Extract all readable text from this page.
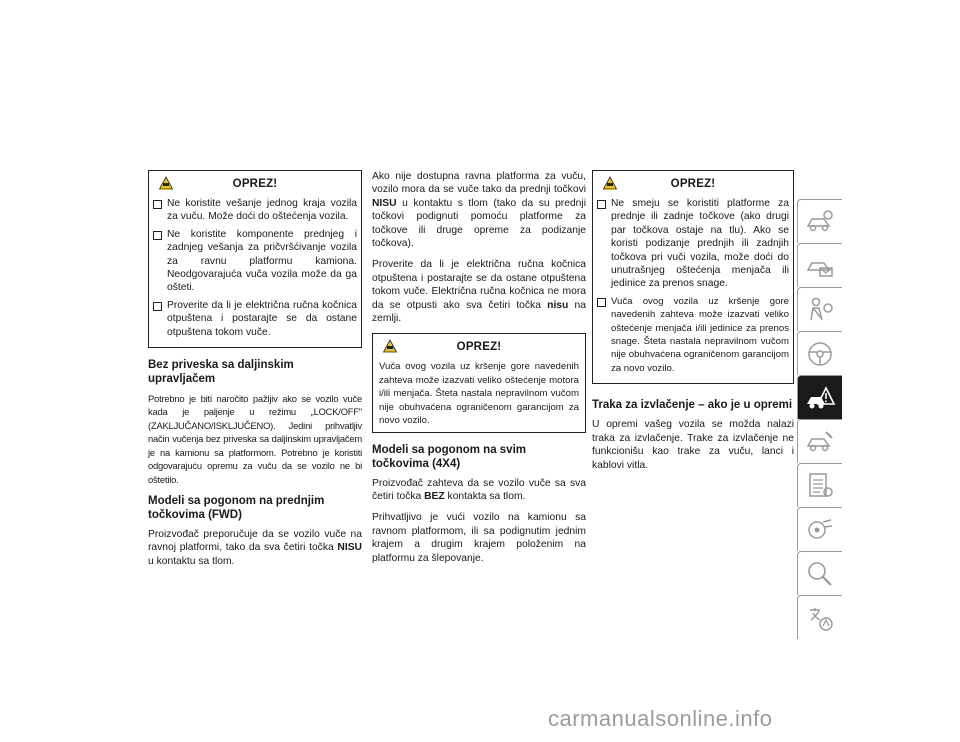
OPREZ!
Ne koristite vešanje jednog kraja vozila za vuču. Može doći do oštećenja vozila.
Ne koristite komponente prednjeg i zadnjeg vešanja za pričvršćivanje vozila za ravnu platformu kamiona. Neodgovarajuća vuča vozila može da ga ošteti.
Proverite da li je električna ručna kočnica otpuštena i postarajte se da ostane otpuštena tokom vuče.
Bez priveska sa daljinskim upravljačem

Potrebno je biti naročito pažljiv ako se vozilo vuče kada je paljenje u režimu „LOCK/OFF" (ZAKLJUČANO/ISKLJUČENO). Jedini prihvatljiv način vučenja bez priveska sa daljinskim upravljačem je na kamionu sa platformom. Potrebno je koristiti odgovarajuću opremu za vuču da se vozilo ne bi oštetilo.

Modeli sa pogonom na prednjim točkovima (FWD)

Proizvođač preporučuje da se vozilo vuče na ravnoj platformi, tako da sva četiri točka NISU u kontaktu sa tlom.

Ako nije dostupna ravna platforma za vuču, vozilo mora da se vuče tako da prednji točkovi NISU u kontaktu s tlom (tako da su prednji točkovi podignuti pomoću platforme za točkove ili druge opreme za podizanje točkova).

Proverite da li je električna ručna kočnica otpuštena i postarajte se da ostane otpuštena tokom vuče. Električna ručna kočnica ne mora da se otpusti ako sva četiri točka nisu na zemlji.

OPREZ!
Vuča ovog vozila uz kršenje gore navedenih zahteva može izazvati veliko oštećenje motora i/ili menjača. Šteta nastala nepravilnom vučom nije obuhvaćena ograničenom garancijom za novo vozilo.
Modeli sa pogonom na svim točkovima (4X4)

Proizvođač zahteva da se vozilo vuče sa sva četiri točka BEZ kontakta sa tlom.

Prihvatljivo je vući vozilo na kamionu sa ravnom platformom, ili sa podignutim jednim krajem a drugim krajem položenim na platformu za šlepovanje.

OPREZ!
Ne smeju se koristiti platforme za prednje ili zadnje točkove (ako drugi par točkova ostaje na tlu). Ako se koristi podizanje prednjih ili zadnjih točkova pri vuči vozila, može doći do unutrašnjeg oštećenja menjača ili jedinice za prenos snage.
Vuča ovog vozila uz kršenje gore navedenih zahteva može izazvati veliko oštećenje menjača i/ili jedinice za prenos snage. Šteta nastala nepravilnom vučom nije obuhvaćena ograničenom garancijom za novo vozilo.
Traka za izvlačenje – ako je u opremi

U opremi vašeg vozila se možda nalazi traka za izvlačenje. Trake za izvlačenje ne funkcionišu kao trake za vuču, lanci i kablovi vitla.

carmanualsonline.info
